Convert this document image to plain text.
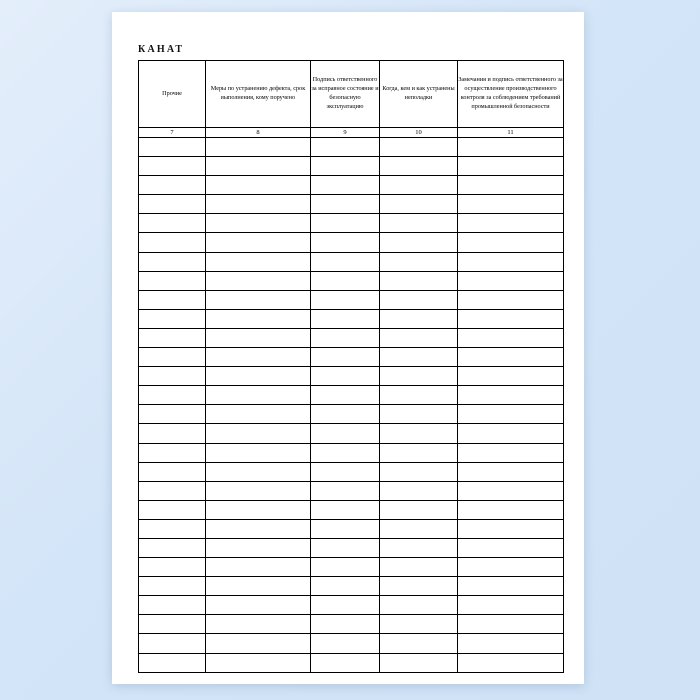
КАНАТ
Прочие	Меры по устранению дефекта, срок выполнения, кому поручено	Подпись ответственного за исправное состояние и безопасную эксплуатацию	Когда, кем и как устранены неполадки	Замечания и подпись ответственного за осуществление производственного контроля за соблюдением требований промышленной безопасности
7	8	9	10	11
